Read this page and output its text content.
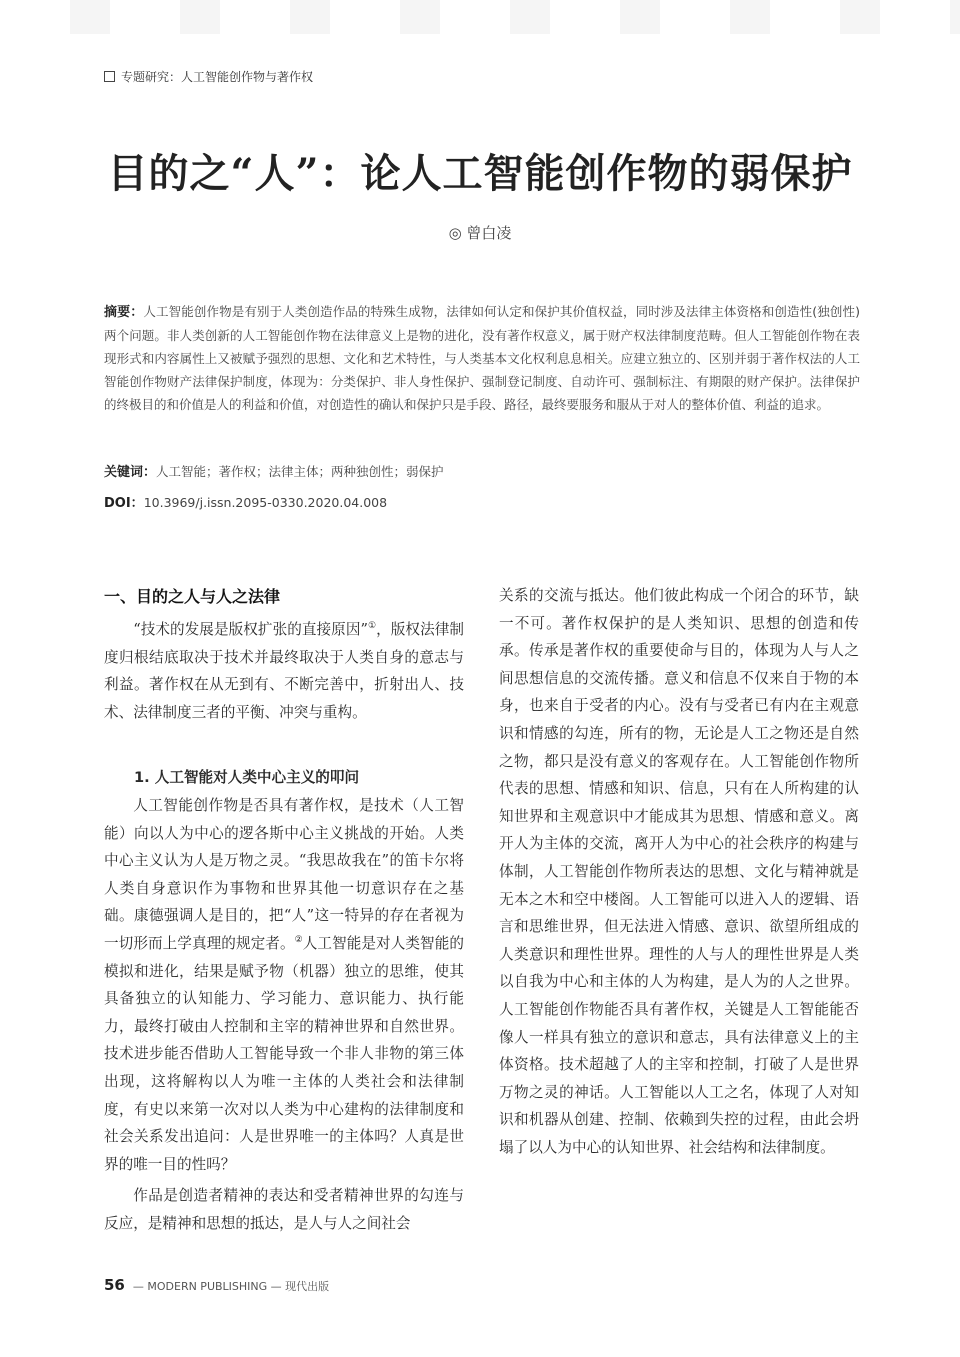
专题研究：人工智能创作物与著作权
目的之“人”：论人工智能创作物的弱保护
◎ 曾白凌
摘要：人工智能创作物是有别于人类创造作品的特殊生成物，法律如何认定和保护其价值权益，同时涉及法律主体资格和创造性(独创性)两个问题。非人类创新的人工智能创作物在法律意义上是物的进化，没有著作权意义，属于财产权法律制度范畴。但人工智能创作物在表现形式和内容属性上又被赋予强烈的思想、文化和艺术特性，与人类基本文化权利息息相关。应建立独立的、区别并弱于著作权法的人工智能创作物财产法律保护制度，体现为：分类保护、非人身性保护、强制登记制度、自动许可、强制标注、有期限的财产保护。法律保护的终极目的和价值是人的利益和价值，对创造性的确认和保护只是手段、路径，最终要服务和服从于对人的整体价值、利益的追求。
关键词：人工智能；著作权；法律主体；两种独创性；弱保护
DOI：10.3969/j.issn.2095-0330.2020.04.008
一、目的之人与人之法律

“技术的发展是版权扩张的直接原因”①，版权法律制度归根结底取决于技术并最终取决于人类自身的意志与利益。著作权在从无到有、不断完善中，折射出人、技术、法律制度三者的平衡、冲突与重构。

1. 人工智能对人类中心主义的叩问

人工智能创作物是否具有著作权，是技术（人工智能）向以人为中心的逻各斯中心主义挑战的开始。人类中心主义认为人是万物之灵。“我思故我在”的笛卡尔将人类自身意识作为事物和世界其他一切意识存在之基础。康德强调人是目的，把“人”这一特异的存在者视为一切形而上学真理的规定者。②人工智能是对人类智能的模拟和进化，结果是赋予物（机器）独立的思维，使其具备独立的认知能力、学习能力、意识能力、执行能力，最终打破由人控制和主宰的精神世界和自然世界。技术进步能否借助人工智能导致一个非人非物的第三体出现，这将解构以人为唯一主体的人类社会和法律制度，有史以来第一次对以人类为中心建构的法律制度和社会关系发出追问：人是世界唯一的主体吗？人真是世界的唯一目的性吗？

作品是创造者精神的表达和受者精神世界的勾连与反应，是精神和思想的抵达，是人与人之间社会

关系的交流与抵达。他们彼此构成一个闭合的环节，缺一不可。著作权保护的是人类知识、思想的创造和传承。传承是著作权的重要使命与目的，体现为人与人之间思想信息的交流传播。意义和信息不仅来自于物的本身，也来自于受者的内心。没有与受者已有内在主观意识和情感的勾连，所有的物，无论是人工之物还是自然之物，都只是没有意义的客观存在。人工智能创作物所代表的思想、情感和知识、信息，只有在人所构建的认知世界和主观意识中才能成其为思想、情感和意义。离开人为主体的交流，离开人为中心的社会秩序的构建与体制，人工智能创作物所表达的思想、文化与精神就是无本之木和空中楼阁。人工智能可以进入人的逻辑、语言和思维世界，但无法进入情感、意识、欲望所组成的人类意识和理性世界。理性的人与人的理性世界是人类以自我为中心和主体的人为构建，是人为的人之世界。人工智能创作物能否具有著作权，关键是人工智能能否像人一样具有独立的意识和意志，具有法律意义上的主体资格。技术超越了人的主宰和控制，打破了人是世界万物之灵的神话。人工智能以人工之名，体现了人对知识和机器从创建、控制、依赖到失控的过程，由此会坍塌了以人为中心的认知世界、社会结构和法律制度。

56 — MODERN PUBLISHING — 现代出版
